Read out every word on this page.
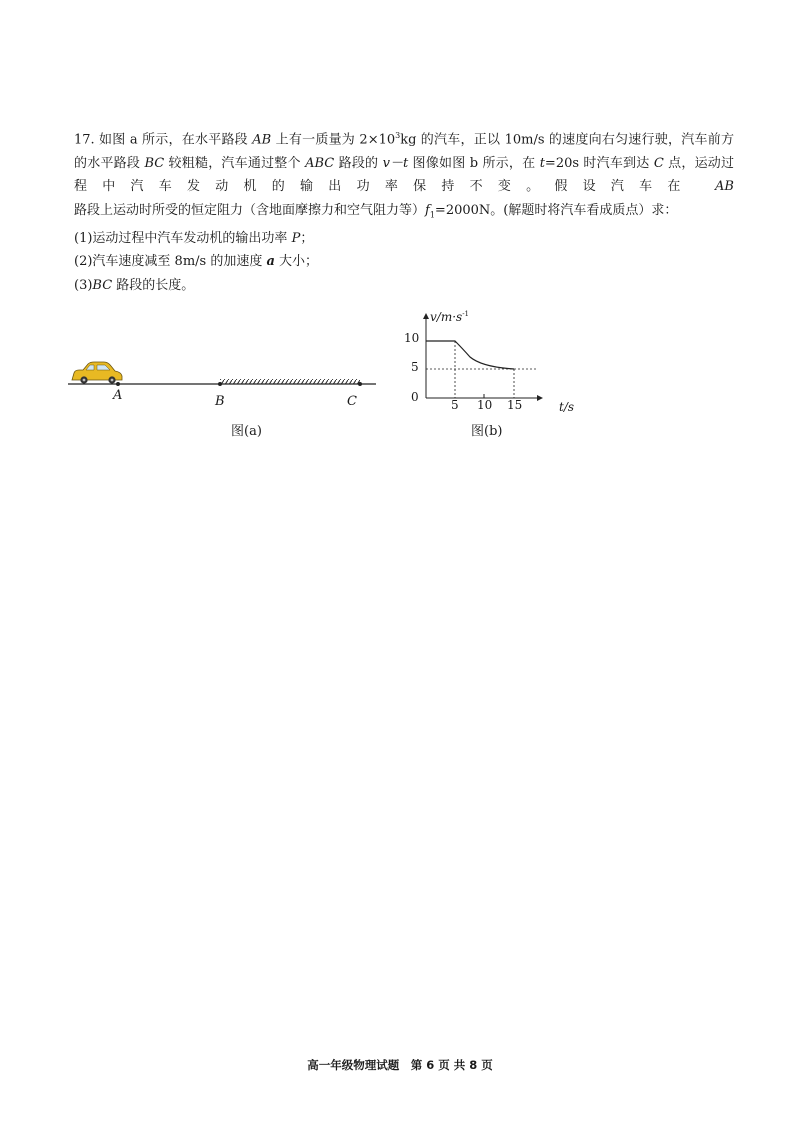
17. 如图 a 所示，在水平路段 AB 上有一质量为 $2\times 10^3kg$ 的汽车，正以 10m/s 的速度向右匀速行驶，汽车前方的水平路段 BC 较粗糙，汽车通过整个 ABC 路段的 v－t 图像如图 b 所示，在 t=20s 时汽车到达 C 点，运动过程中汽车发动机的输出功率保持不变。假设汽车在 AB 路段上运动时所受的恒定阻力（含地面摩擦力和空气阻力等）$f_1=2000N$。(解题时将汽车看成质点）求：

(1)运动过程中汽车发动机的输出功率 P；

(2)汽车速度减至 8m/s 的加速度 a 大小；

(3)BC 路段的长度。

A	B	C
图(a)
$v/m\cdot s^{-1}$
10
5
0
5 10 15	t/s
图(b)
高一年级物理试题　第 6 页 共 8 页
